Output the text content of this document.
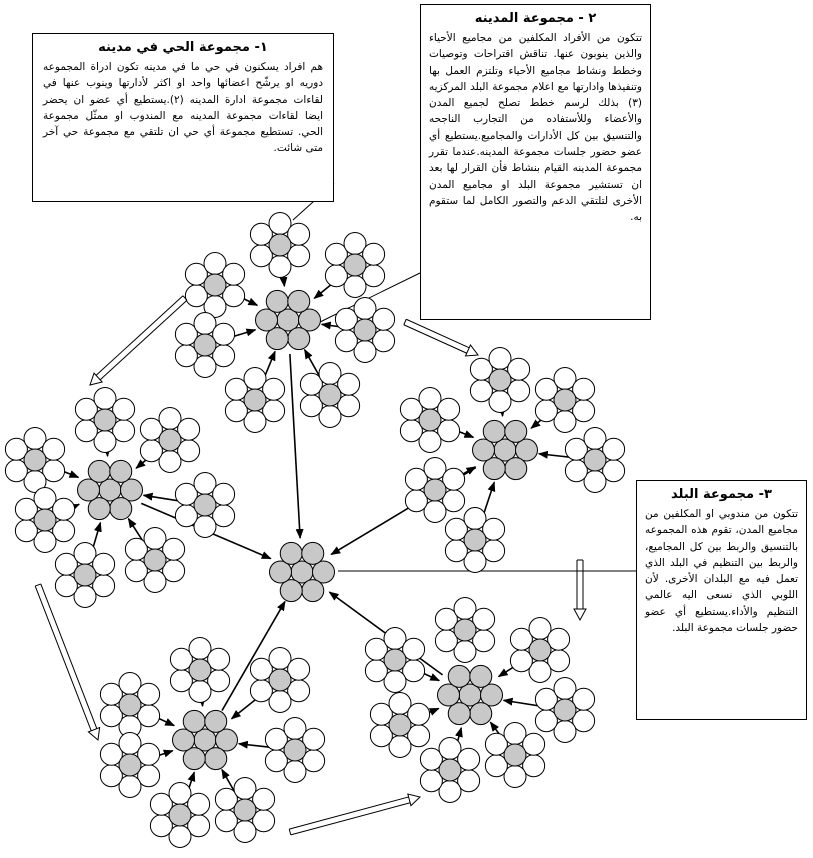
١- مجموعة الحي في مدينه

هم افراد يسكنون في حي ما في مدينه تكون ادراة المجموعه دوريه او يرشّح اعضائها واحد او اكثر لأدارتها وينوب عنها في لقاءات مجموعة ادارة المدينه (٢).يستطيع أي عضو ان يحضر ايضا لقاءات مجموعة المدينه مع المندوب او ممثّل مجموعة الحي. تستطيع مجموعة أي حي ان تلتقي مع مجموعة حي آخر متى شائت.

٢ - مجموعة المدينه

تتكون من الأفراد المكلفين من مجاميع الأحياء والذين ينوبون عنها. تناقش اقتراحات وتوصيات وخطط ونشاط مجاميع الأحياء وتلتزم العمل بها وتنفيذها وادارتها مع اعلام مجموعة البلد المركزيه (٣) بذلك لرسم خطط تصلح لجميع المدن والأعضاء وللأستفاده من التجارب الناجحه والتنسيق بين كل الأدارات والمجاميع.يستطيع أي عضو حضور جلسات مجموعة المدينه.عندما تقرر مجموعة المدينه القيام بنشاط فأن القرار لها بعد ان تستشير مجموعة البلد او مجاميع المدن الأخرى لتلتقي الدعم والتصور الكامل لما ستقوم به.

٣- مجموعة البلد

تتكون من مندوبي او المكلفين من مجاميع المدن، تقوم هذه المجموعه بالتنسيق والربط بين كل المجاميع، والربط بين التنظيم في البلد الذي تعمل فيه مع البلدان الأخرى. لأن اللوبي الذي نسعى اليه عالمي التنظيم والأداء.يستطيع أي عضو حضور جلسات مجموعة البلد.
